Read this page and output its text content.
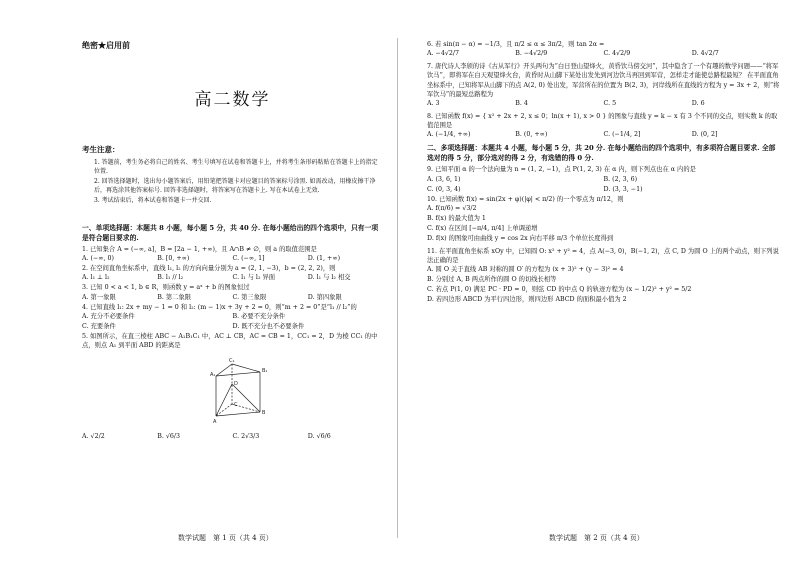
绝密★启用前
高二数学
考生注意：
1. 答题前，考生务必将自己的姓名、考生号填写在试卷和答题卡上，并将考生条形码粘贴在答题卡上的指定位置.
2. 回答选择题时，选出每小题答案后，用铅笔把答题卡对应题目的答案标号涂黑. 如需改动，用橡皮擦干净后，再选涂其他答案标号. 回答非选择题时，将答案写在答题卡上. 写在本试卷上无效.
3. 考试结束后，将本试卷和答题卡一并交回.
一、单项选择题：本题共 8 小题，每小题 5 分，共 40 分. 在每小题给出的四个选项中，只有一项是符合题目要求的.
1. 已知集合 A = (−∞, a]，B = [2a − 1, +∞)，且 A∩B ≠ ∅，则 a 的取值范围是
A. (−∞, 0)	B. [0, +∞)	C. (−∞, 1]	D. (1, +∞)
2. 在空间直角坐标系中，直线 l₁, l₂ 的方向向量分别为 a = (2, 1, −3)，b = (2, 2, 2)，则
A. l₁ ⊥ l₂	B. l₁ // l₂	C. l₁ 与 l₂ 异面	D. l₁ 与 l₂ 相交
3. 已知 0 < a < 1, b ∈ R，则函数 y = aˣ + b 的图象恒过
A. 第一象限	B. 第二象限	C. 第三象限	D. 第四象限
4. 已知直线 l₁: 2x + my − 1 = 0 和 l₂: (m − 1)x + 3y + 2 = 0，则“m + 2 = 0”是“l₁ // l₂”的
A. 充分不必要条件	B. 必要不充分条件
C. 充要条件	D. 既不充分也不必要条件
5. 如图所示，在直三棱柱 ABC − A₁B₁C₁ 中，AC ⊥ CB，AC = CB = 1，CC₁ = 2，D 为棱 CC₁ 的中点，则点 A₁ 到平面 ABD 的距离是
C₁
B₁
A₁
D
C
B
A
A. √2/2	B. √6/3	C. 2√3/3	D. √6/6
数学试题　第 1 页（共 4 页）
6. 若 sin(π − α) = −1/3，且 π/2 ≤ α ≤ 3π/2，则 tan 2α =
A. −4√2/7	B. −4√2/9	C. 4√2/9	D. 4√2/7
7. 唐代诗人李颀的诗《古从军行》开头两句为“白日登山望烽火，黄昏饮马傍交河”，其中隐含了一个有趣的数学问题——“将军饮马”，即将军在白天观望烽火台，黄昏时从山脚下某处出发先到河边饮马再回到军营，怎样走才能使总路程最短？ 在平面直角坐标系中，已知将军从山脚下的点 A(2, 0) 处出发，军营所在的位置为 B(2, 3)，河岸线所在直线的方程为 y = 3x + 2，则“将军饮马”的最短总路程为
A. 3	B. 4	C. 5	D. 6
8. 已知函数 f(x) = { x² + 2x + 2, x ≤ 0；ln(x + 1), x > 0 } 的图象与直线 y = k − x 有 3 个不同的交点，则实数 k 的取值范围是
A. (−1/4, +∞)	B. (0, +∞)	C. (−1/4, 2]	D. (0, 2]
二、多项选择题：本题共 4 小题，每小题 5 分，共 20 分. 在每小题给出的四个选项中，有多项符合题目要求. 全部选对的得 5 分，部分选对的得 2 分，有选错的得 0 分.
9. 已知平面 α 的一个法向量为 n = (1, 2, −1)，点 P(1, 2, 3) 在 α 内，则下列点也在 α 内的是
A. (3, 6, 1)	B. (2, 3, 6)
C. (0, 3, 4)	D. (3, 3, −1)
10. 已知函数 f(x) = sin(2x + φ)(|φ| < π/2) 的一个零点为 π/12，则
A. f(π/6) = √3/2
B. f(x) 的最大值为 1
C. f(x) 在区间 [−π/4, π/4] 上单调递增
D. f(x) 的图象可由曲线 y = cos 2x 向右平移 π/3 个单位长度得到
11. 在平面直角坐标系 xOy 中，已知圆 O: x² + y² = 4，点 A(−3, 0)，B(−1, 2)，点 C, D 为圆 O 上的两个动点，则下列说法正确的是
A. 圆 O 关于直线 AB 对称的圆 O′ 的方程为 (x + 3)² + (y − 3)² = 4
B. 分别过 A, B 两点所作的圆 O 的切线长相等
C. 若点 P(1, 0) 满足 PC · PD = 0，则弦 CD 的中点 Q 的轨迹方程为 (x − 1/2)² + y² = 5/2
D. 若四边形 ABCD 为平行四边形，则四边形 ABCD 的面积最小值为 2
数学试题　第 2 页（共 4 页）
